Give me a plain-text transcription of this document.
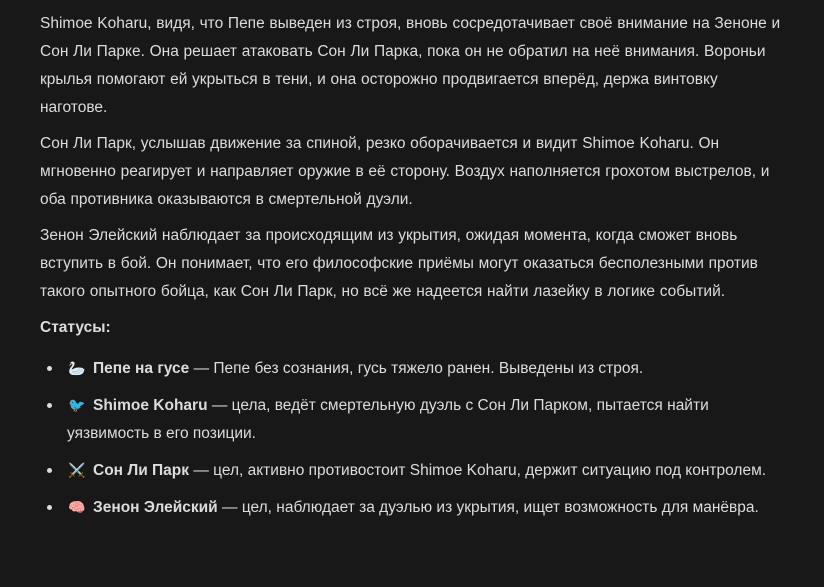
Shimoe Koharu, видя, что Пепе выведен из строя, вновь сосредотачивает своё внимание на Зеноне и Сон Ли Парке. Она решает атаковать Сон Ли Парка, пока он не обратил на неё внимания. Вороньи крылья помогают ей укрыться в тени, и она осторожно продвигается вперёд, держа винтовку наготове.

Сон Ли Парк, услышав движение за спиной, резко оборачивается и видит Shimoe Koharu. Он мгновенно реагирует и направляет оружие в её сторону. Воздух наполняется грохотом выстрелов, и оба противника оказываются в смертельной дуэли.

Зенон Элейский наблюдает за происходящим из укрытия, ожидая момента, когда сможет вновь вступить в бой. Он понимает, что его философские приёмы могут оказаться бесполезными против такого опытного бойца, как Сон Ли Парк, но всё же надеется найти лазейку в логике событий.

Статусы:

🦢 Пепе на гусе — Пепе без сознания, гусь тяжело ранен. Выведены из строя.
🐦 Shimoe Koharu — цела, ведёт смертельную дуэль с Сон Ли Парком, пытается найти уязвимость в его позиции.
⚔️ Сон Ли Парк — цел, активно противостоит Shimoe Koharu, держит ситуацию под контролем.
🧠 Зенон Элейский — цел, наблюдает за дуэлью из укрытия, ищет возможность для манёвра.
